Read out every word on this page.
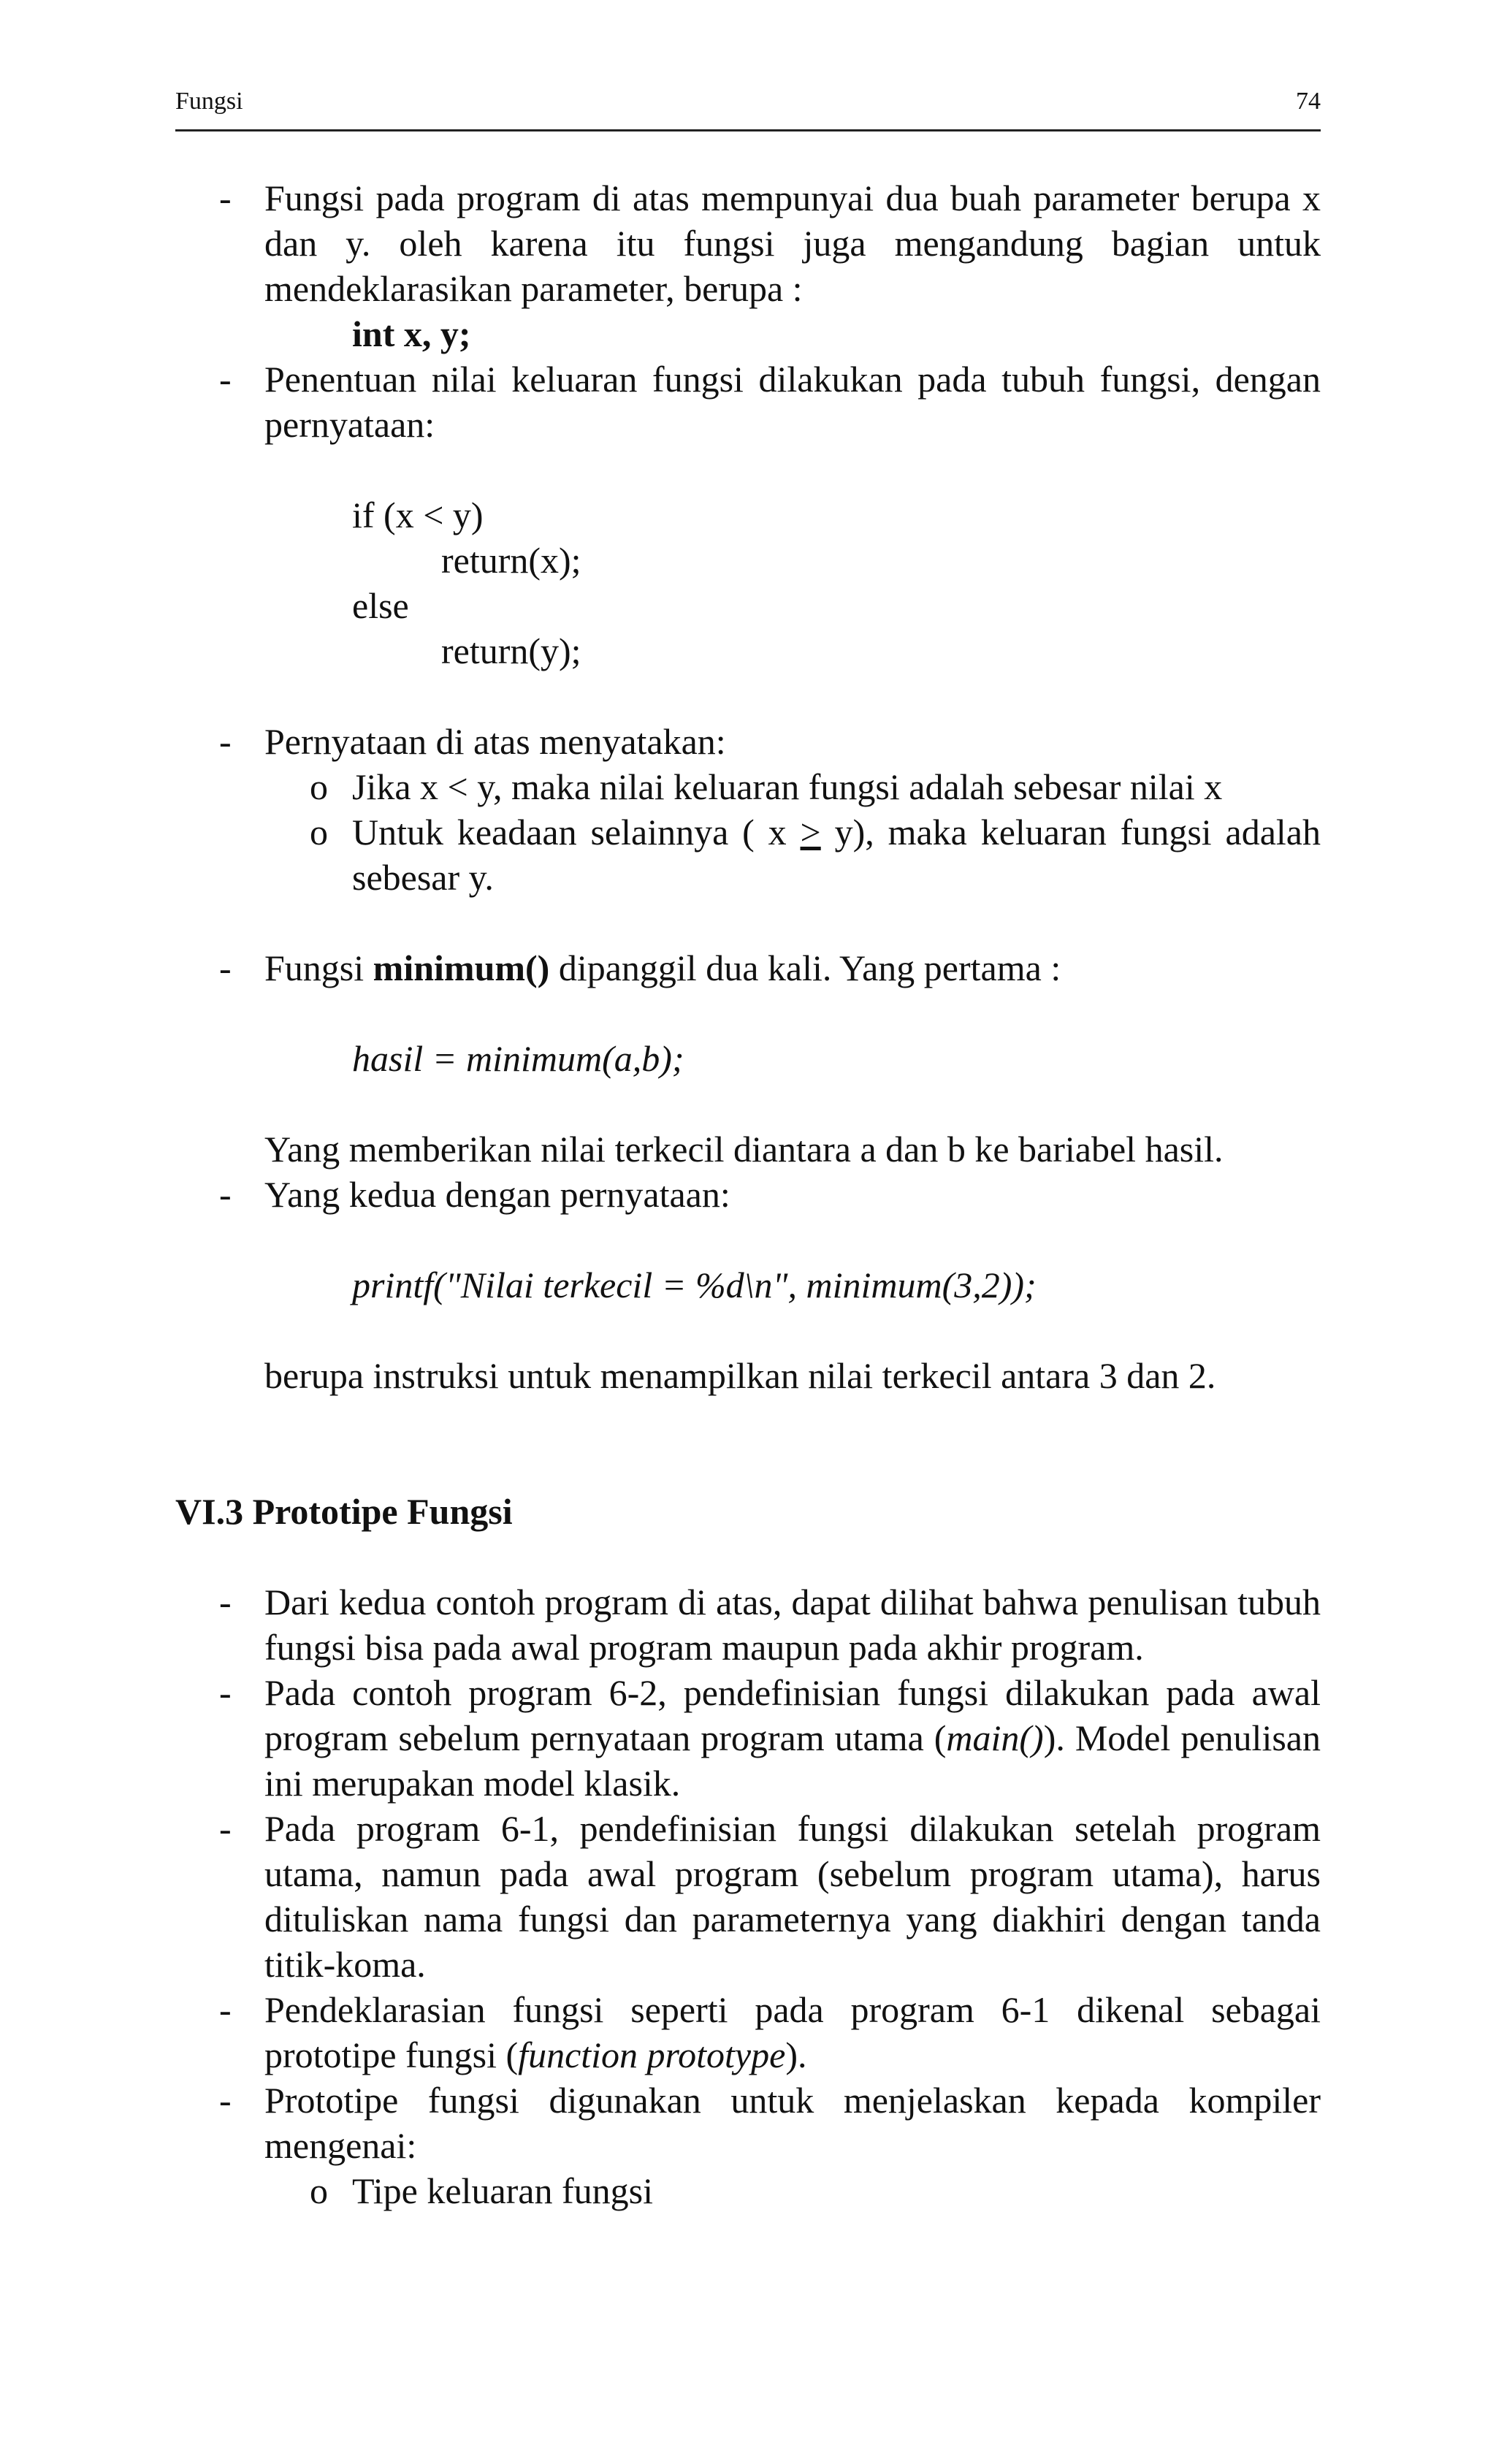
Fungsi	74
- Fungsi pada program di atas mempunyai dua buah parameter berupa x dan y. oleh karena itu fungsi juga mengandung bagian untuk mendeklarasikan parameter, berupa :
int x, y;
- Penentuan nilai keluaran fungsi dilakukan pada tubuh fungsi, dengan pernyataan:
if (x < y)
return(x);
else
return(y);
- Pernyataan di atas menyatakan:
o Jika x < y, maka nilai keluaran fungsi adalah sebesar nilai x
o Untuk keadaan selainnya ( x ≥ y), maka keluaran fungsi adalah sebesar y.
- Fungsi minimum() dipanggil dua kali. Yang pertama :
hasil = minimum(a,b);
Yang memberikan nilai terkecil diantara a dan b ke bariabel hasil.
- Yang kedua dengan pernyataan:
printf("Nilai terkecil = %d\n", minimum(3,2));
berupa instruksi untuk menampilkan nilai terkecil antara 3 dan 2.
VI.3 Prototipe Fungsi
- Dari kedua contoh program di atas, dapat dilihat bahwa penulisan tubuh fungsi bisa pada awal program maupun pada akhir program.
- Pada contoh program 6-2, pendefinisian fungsi dilakukan pada awal program sebelum pernyataan program utama (main()). Model penulisan ini merupakan model klasik.
- Pada program 6-1, pendefinisian fungsi dilakukan setelah program utama, namun pada awal program (sebelum program utama), harus dituliskan nama fungsi dan parameternya yang diakhiri dengan tanda titik-koma.
- Pendeklarasian fungsi seperti pada program 6-1 dikenal sebagai prototipe fungsi (function prototype).
- Prototipe fungsi digunakan untuk menjelaskan kepada kompiler mengenai:
o Tipe keluaran fungsi
